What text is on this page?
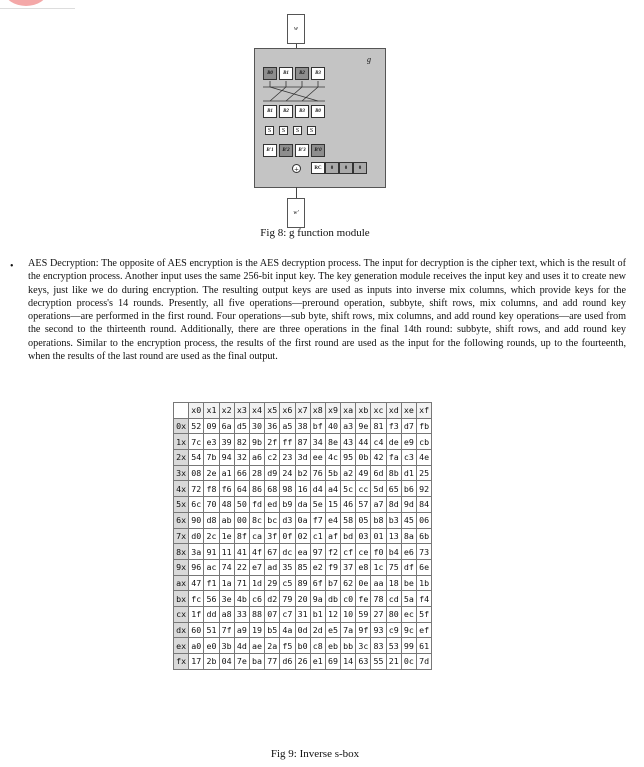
w
g
B0	B1	B2	B3
B1	B2	B3	B0
S	S	S	S
B'1	B'2	B'3	B'0
+	RC	0	0	0
w'
Fig 8: g function module
• AES Decryption: The opposite of AES encryption is the AES decryption process. The input for decryption is the cipher text, which is the result of the encryption process. Another input uses the same 256-bit input key. The key generation module receives the input key and uses it to create new keys, just like we do during encryption. The resulting output keys are used as inputs into inverse mix columns, which provide keys for the decryption process's 14 rounds. Presently, all five operations—preround operation, subbyte, shift rows, mix columns, and add round key operations—are performed in the first round. Four operations—sub byte, shift rows, mix columns, and add round key operations—are used from the second to the thirteenth round. Additionally, there are three operations in the final 14th round: subbyte, shift rows, and add round key operations. Similar to the encryption process, the results of the first round are used as the input for the following rounds, up to the fourteenth, when the results of the last round are used as the final output.
	x0	x1	x2	x3	x4	x5	x6	x7	x8	x9	xa	xb	xc	xd	xe	xf
0x	52	09	6a	d5	30	36	a5	38	bf	40	a3	9e	81	f3	d7	fb
1x	7c	e3	39	82	9b	2f	ff	87	34	8e	43	44	c4	de	e9	cb
2x	54	7b	94	32	a6	c2	23	3d	ee	4c	95	0b	42	fa	c3	4e
3x	08	2e	a1	66	28	d9	24	b2	76	5b	a2	49	6d	8b	d1	25
4x	72	f8	f6	64	86	68	98	16	d4	a4	5c	cc	5d	65	b6	92
5x	6c	70	48	50	fd	ed	b9	da	5e	15	46	57	a7	8d	9d	84
6x	90	d8	ab	00	8c	bc	d3	0a	f7	e4	58	05	b8	b3	45	06
7x	d0	2c	1e	8f	ca	3f	0f	02	c1	af	bd	03	01	13	8a	6b
8x	3a	91	11	41	4f	67	dc	ea	97	f2	cf	ce	f0	b4	e6	73
9x	96	ac	74	22	e7	ad	35	85	e2	f9	37	e8	1c	75	df	6e
ax	47	f1	1a	71	1d	29	c5	89	6f	b7	62	0e	aa	18	be	1b
bx	fc	56	3e	4b	c6	d2	79	20	9a	db	c0	fe	78	cd	5a	f4
cx	1f	dd	a8	33	88	07	c7	31	b1	12	10	59	27	80	ec	5f
dx	60	51	7f	a9	19	b5	4a	0d	2d	e5	7a	9f	93	c9	9c	ef
ex	a0	e0	3b	4d	ae	2a	f5	b0	c8	eb	bb	3c	83	53	99	61
fx	17	2b	04	7e	ba	77	d6	26	e1	69	14	63	55	21	0c	7d
Fig 9: Inverse s-box
